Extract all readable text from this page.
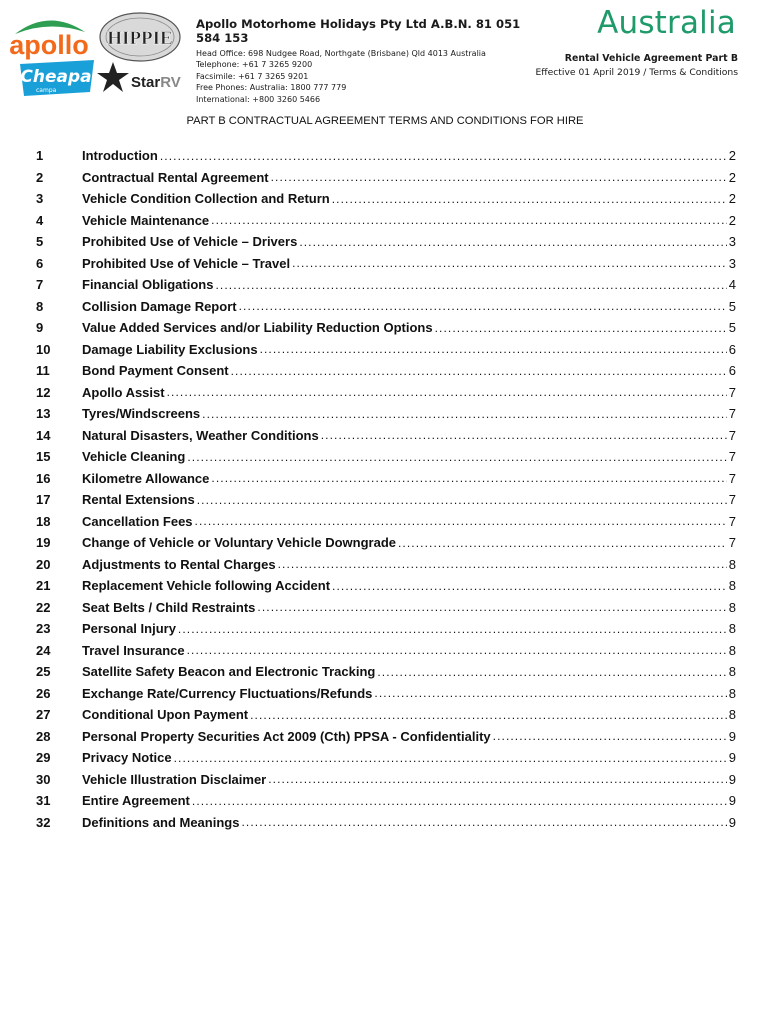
apollo HIPPIE
Cheapa
campa	StarRV
Apollo Motorhome Holidays Pty Ltd A.B.N. 81 051 584 153
Head Office: 698 Nudgee Road, Northgate (Brisbane) Qld 4013 Australia
Telephone: +61 7 3265 9200
Facsimile: +61 7 3265 9201
Free Phones: Australia: 1800 777 779
International: +800 3260 5466
Australia
Rental Vehicle Agreement Part B
Effective 01 April 2019 / Terms & Conditions
PART B CONTRACTUAL AGREEMENT TERMS AND CONDITIONS FOR HIRE
1	Introduction .....	2
2	Contractual Rental Agreement .....	2
3	Vehicle Condition Collection and Return .....	2
4	Vehicle Maintenance .....	2
5	Prohibited Use of Vehicle – Drivers .....	3
6	Prohibited Use of Vehicle – Travel .....	3
7	Financial Obligations .....	4
8	Collision Damage Report .....	5
9	Value Added Services and/or Liability Reduction Options .....	5
10	Damage Liability Exclusions .....	6
11	Bond Payment Consent .....	6
12	Apollo Assist .....	7
13	Tyres/Windscreens .....	7
14	Natural Disasters, Weather Conditions .....	7
15	Vehicle Cleaning .....	7
16	Kilometre Allowance .....	7
17	Rental Extensions .....	7
18	Cancellation Fees .....	7
19	Change of Vehicle or Voluntary Vehicle Downgrade .....	7
20	Adjustments to Rental Charges .....	8
21	Replacement Vehicle following Accident .....	8
22	Seat Belts / Child Restraints .....	8
23	Personal Injury .....	8
24	Travel Insurance .....	8
25	Satellite Safety Beacon and Electronic Tracking .....	8
26	Exchange Rate/Currency Fluctuations/Refunds .....	8
27	Conditional Upon Payment .....	8
28	Personal Property Securities Act 2009 (Cth) PPSA - Confidentiality .....	9
29	Privacy Notice .....	9
30	Vehicle Illustration Disclaimer .....	9
31	Entire Agreement .....	9
32	Definitions and Meanings .....	9
